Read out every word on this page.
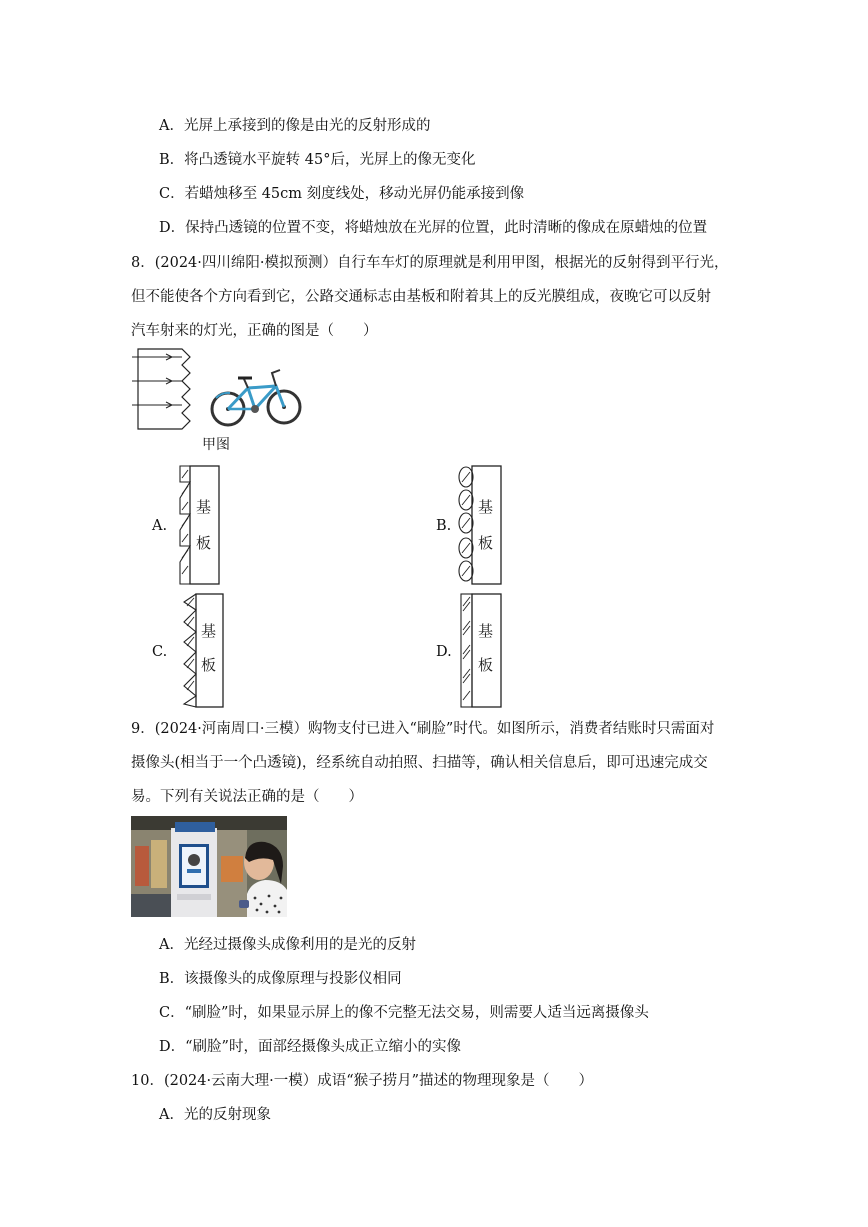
A．光屏上承接到的像是由光的反射形成的
B．将凸透镜水平旋转 45°后，光屏上的像无变化
C．若蜡烛移至 45cm 刻度线处，移动光屏仍能承接到像
D．保持凸透镜的位置不变，将蜡烛放在光屏的位置，此时清晰的像成在原蜡烛的位置
8．(2024·四川绵阳·模拟预测）自行车车灯的原理就是利用甲图，根据光的反射得到平行光，
但不能使各个方向看到它，公路交通标志由基板和附着其上的反光膜组成，夜晚它可以反射
汽车射来的灯光，正确的图是（　　）
甲图
A.
基
板
B.
基
板
C.
基
板
D.
基
板
9．(2024·河南周口·三模）购物支付已进入“刷脸”时代。如图所示，消费者结账时只需面对
摄像头(相当于一个凸透镜)，经系统自动拍照、扫描等，确认相关信息后，即可迅速完成交
易。下列有关说法正确的是（　　）
A．光经过摄像头成像利用的是光的反射
B．该摄像头的成像原理与投影仪相同
C．“刷脸”时，如果显示屏上的像不完整无法交易，则需要人适当远离摄像头
D．“刷脸”时，面部经摄像头成正立缩小的实像
10．(2024·云南大理·一模）成语“猴子捞月”描述的物理现象是（　　）
A．光的反射现象
